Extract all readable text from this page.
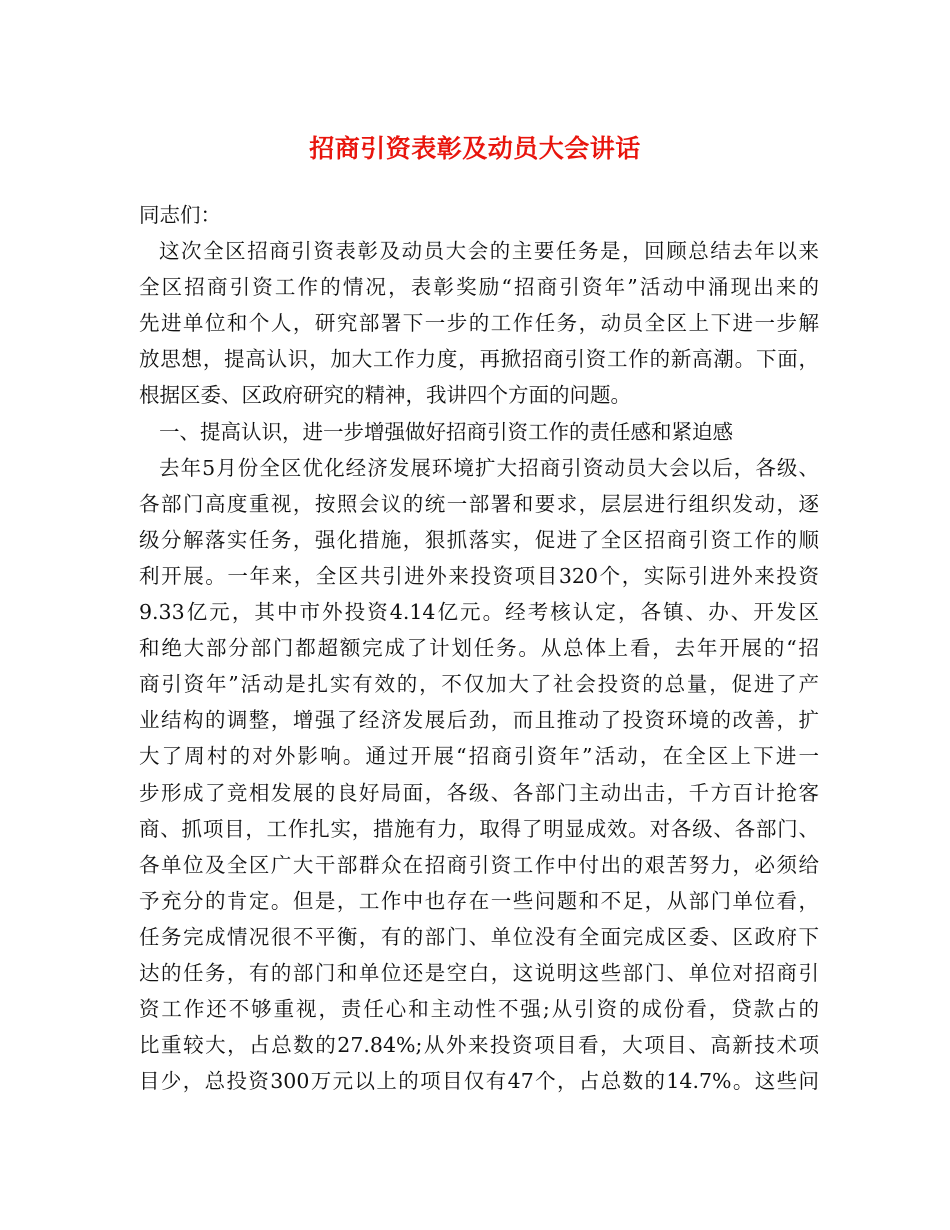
招商引资表彰及动员大会讲话
同志们：
这次全区招商引资表彰及动员大会的主要任务是，回顾总结去年以来
全区招商引资工作的情况，表彰奖励“招商引资年”活动中涌现出来的
先进单位和个人，研究部署下一步的工作任务，动员全区上下进一步解
放思想，提高认识，加大工作力度，再掀招商引资工作的新高潮。下面，
根据区委、区政府研究的精神，我讲四个方面的问题。
一、提高认识，进一步增强做好招商引资工作的责任感和紧迫感
去年5月份全区优化经济发展环境扩大招商引资动员大会以后，各级、
各部门高度重视，按照会议的统一部署和要求，层层进行组织发动，逐
级分解落实任务，强化措施，狠抓落实，促进了全区招商引资工作的顺
利开展。一年来，全区共引进外来投资项目320个，实际引进外来投资
9.33亿元，其中市外投资4.14亿元。经考核认定，各镇、办、开发区
和绝大部分部门都超额完成了计划任务。从总体上看，去年开展的“招
商引资年”活动是扎实有效的，不仅加大了社会投资的总量，促进了产
业结构的调整，增强了经济发展后劲，而且推动了投资环境的改善，扩
大了周村的对外影响。通过开展“招商引资年”活动，在全区上下进一
步形成了竞相发展的良好局面，各级、各部门主动出击，千方百计抢客
商、抓项目，工作扎实，措施有力，取得了明显成效。对各级、各部门、
各单位及全区广大干部群众在招商引资工作中付出的艰苦努力，必须给
予充分的肯定。但是，工作中也存在一些问题和不足，从部门单位看，
任务完成情况很不平衡，有的部门、单位没有全面完成区委、区政府下
达的任务，有的部门和单位还是空白，这说明这些部门、单位对招商引
资工作还不够重视，责任心和主动性不强;从引资的成份看，贷款占的
比重较大，占总数的27.84%;从外来投资项目看，大项目、高新技术项
目少，总投资300万元以上的项目仅有47个，占总数的14.7%。这些问
